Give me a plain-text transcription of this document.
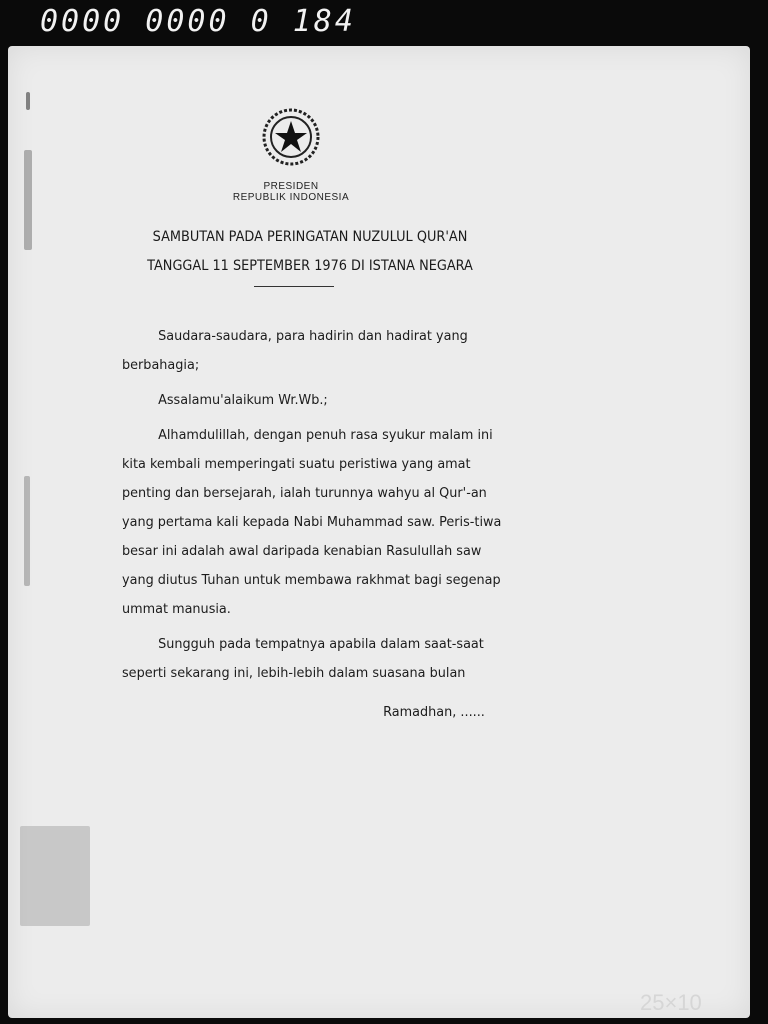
0000 0000 0 184
PRESIDEN
REPUBLIK INDONESIA
SAMBUTAN PADA PERINGATAN NUZULUL QUR'AN
TANGGAL 11 SEPTEMBER 1976 DI ISTANA NEGARA

Saudara-saudara, para hadirin dan hadirat yang berbahagia;

Assalamu'alaikum Wr.Wb.;

Alhamdulillah, dengan penuh rasa syukur malam ini kita kembali memperingati suatu peristiwa yang amat penting dan bersejarah, ialah turunnya wahyu al Qur'-an yang pertama kali kepada Nabi Muhammad saw. Peris-tiwa besar ini adalah awal daripada kenabian Rasulullah saw yang diutus Tuhan untuk membawa rakhmat bagi segenap ummat manusia.

Sungguh pada tempatnya apabila dalam saat-saat seperti sekarang ini, lebih-lebih dalam suasana bulan

Ramadhan, ......

25×10
